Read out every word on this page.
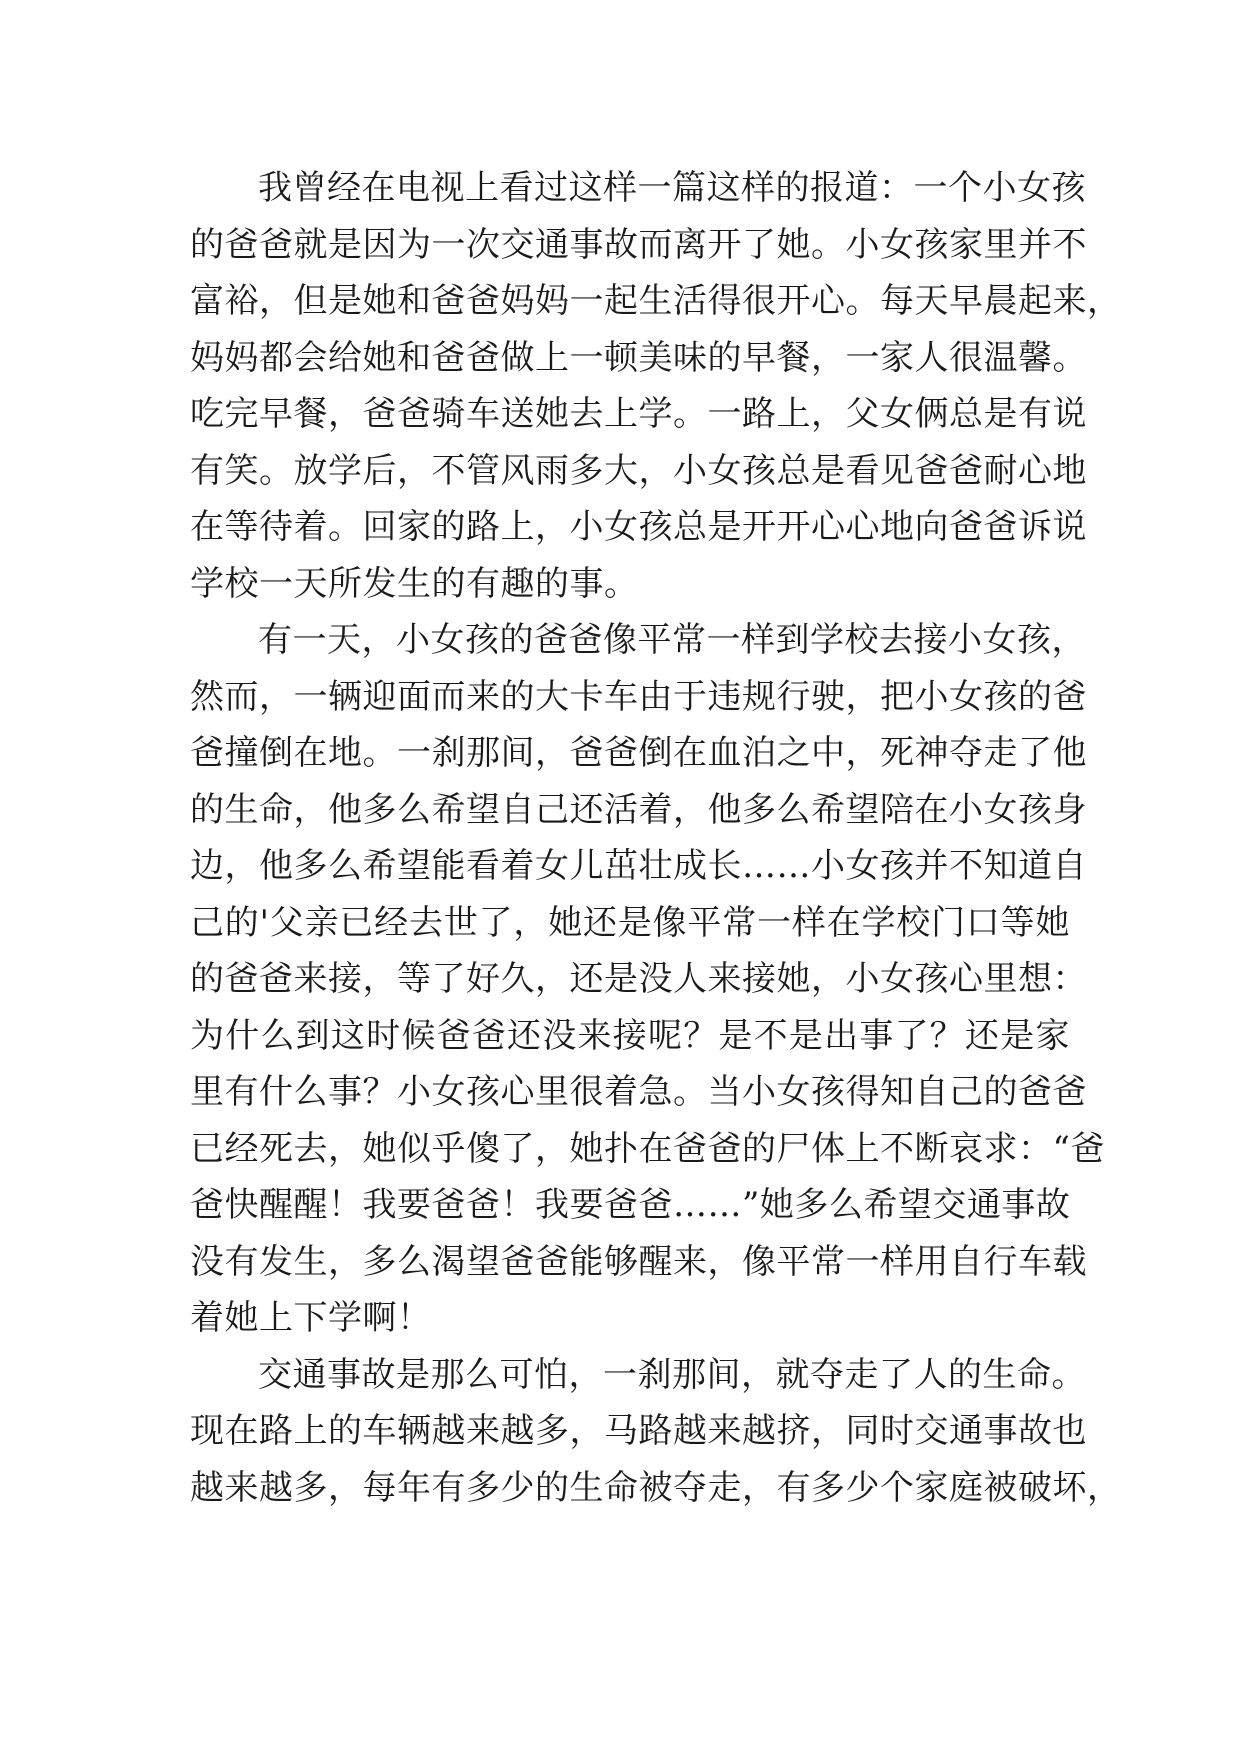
我曾经在电视上看过这样一篇这样的报道：一个小女孩
的爸爸就是因为一次交通事故而离开了她。小女孩家里并不
富裕，但是她和爸爸妈妈一起生活得很开心。每天早晨起来，
妈妈都会给她和爸爸做上一顿美味的早餐，一家人很温馨。
吃完早餐，爸爸骑车送她去上学。一路上，父女俩总是有说
有笑。放学后，不管风雨多大，小女孩总是看见爸爸耐心地
在等待着。回家的路上，小女孩总是开开心心地向爸爸诉说
学校一天所发生的有趣的事。
有一天，小女孩的爸爸像平常一样到学校去接小女孩，
然而，一辆迎面而来的大卡车由于违规行驶，把小女孩的爸
爸撞倒在地。一刹那间，爸爸倒在血泊之中，死神夺走了他
的生命，他多么希望自己还活着，他多么希望陪在小女孩身
边，他多么希望能看着女儿茁壮成长……小女孩并不知道自
己的'父亲已经去世了，她还是像平常一样在学校门口等她
的爸爸来接，等了好久，还是没人来接她，小女孩心里想：
为什么到这时候爸爸还没来接呢？是不是出事了？还是家
里有什么事？小女孩心里很着急。当小女孩得知自己的爸爸
已经死去，她似乎傻了，她扑在爸爸的尸体上不断哀求：“爸
爸快醒醒！我要爸爸！我要爸爸……”她多么希望交通事故
没有发生，多么渴望爸爸能够醒来，像平常一样用自行车载
着她上下学啊！
交通事故是那么可怕，一刹那间，就夺走了人的生命。
现在路上的车辆越来越多，马路越来越挤，同时交通事故也
越来越多，每年有多少的生命被夺走，有多少个家庭被破坏，
